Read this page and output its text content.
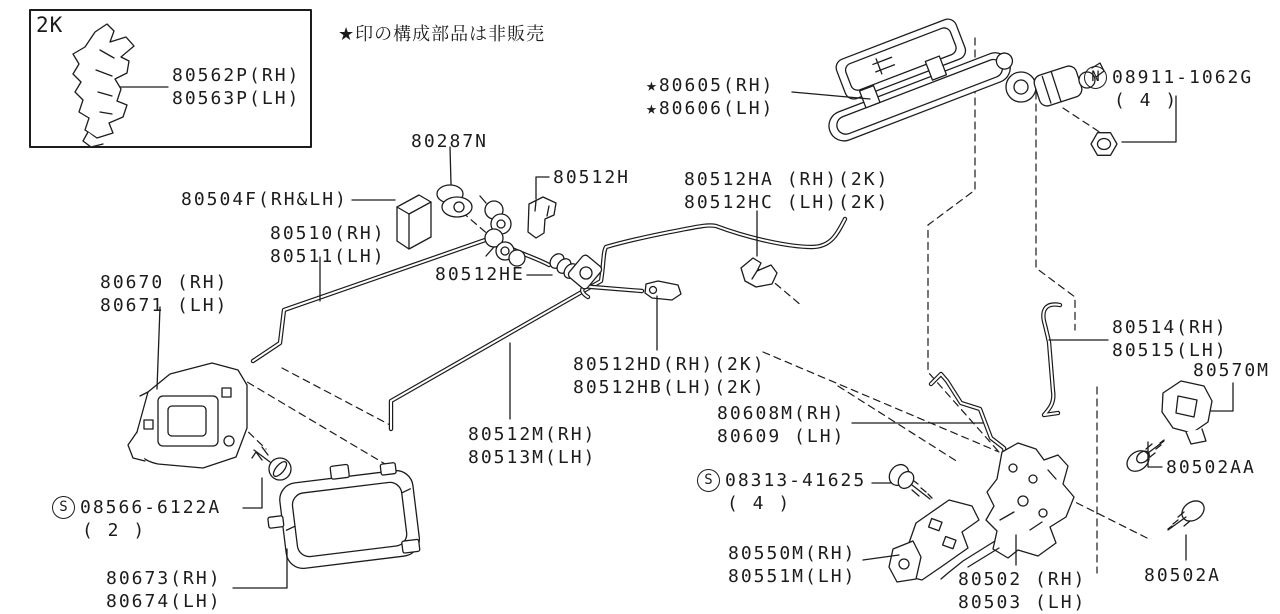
2K
80562P(RH)
80563P(LH)
★印の構成部品は非販売
★80605(RH)
★80606(LH)
N 08911-1062G
( 4 )
80287N
80504F(RH&LH)
80512H
80510(RH)
80511(LH)
80512HE
80512HA (RH)(2K)
80512HC (LH)(2K)
80512HD(RH)(2K)
80512HB(LH)(2K)
80512M(RH)
80513M(LH)
80670 (RH)
80671 (LH)
S 08566-6122A
( 2 )
80673(RH)
80674(LH)
80608M(RH)
80609 (LH)
S 08313-41625
( 4 )
80550M(RH)
80551M(LH)	80502 (RH)
80503 (LH)
80502A
80502AA
80514(RH)
80515(LH)
80570M
